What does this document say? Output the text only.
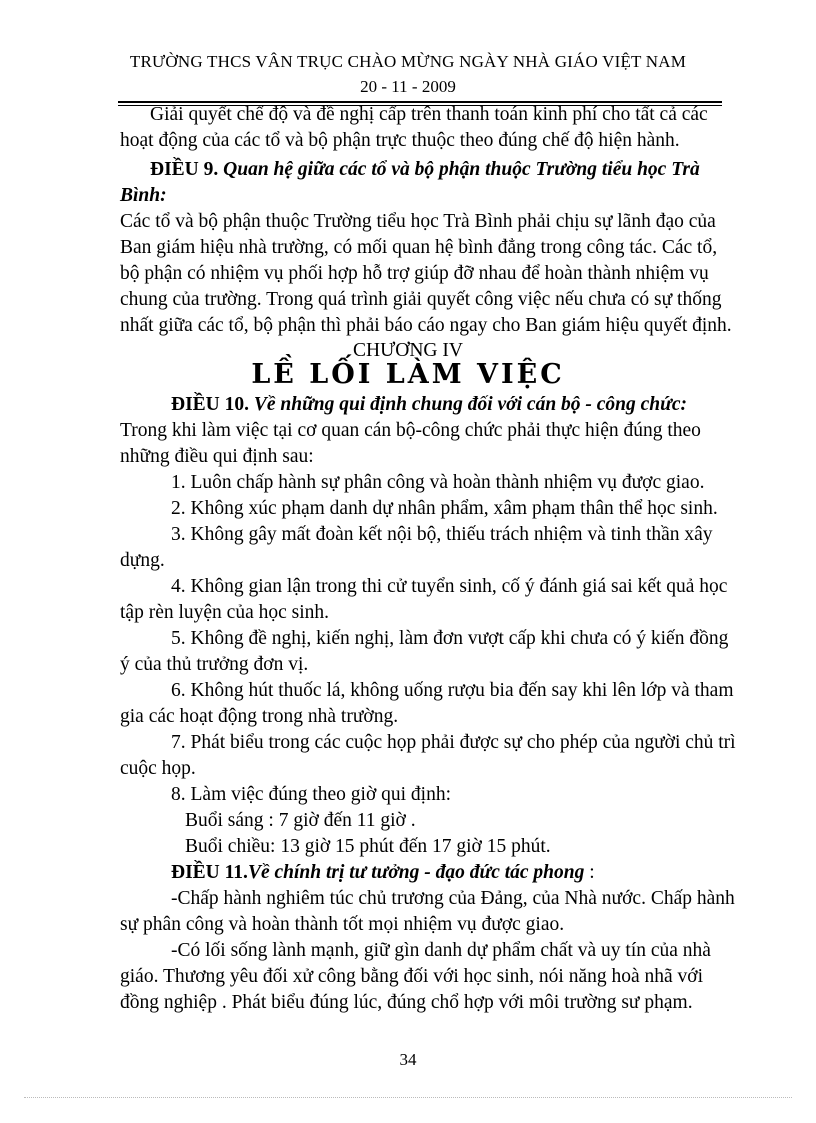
TRƯỜNG THCS VÂN TRỤC CHÀO MỪNG NGÀY NHÀ GIÁO VIỆT NAM
20 - 11 - 2009
Giải quyết chế độ và đề nghị cấp trên thanh toán kinh phí cho tất cả các
hoạt động của các tổ và bộ phận trực thuộc theo đúng chế độ hiện hành.
ĐIỀU 9. Quan hệ giữa các tổ và bộ phận thuộc Trường tiểu học Trà
Bình:
Các tổ và bộ phận thuộc Trường tiểu học Trà Bình phải chịu sự lãnh đạo của
Ban giám hiệu nhà trường, có mối quan hệ bình đẳng trong công tác. Các tổ,
bộ phận có nhiệm vụ phối hợp hỗ trợ giúp đỡ nhau để hoàn thành nhiệm vụ
chung của trường. Trong quá trình giải quyết công việc nếu chưa có sự thống
nhất giữa các tổ, bộ phận thì phải báo cáo ngay cho Ban giám hiệu quyết định.
CHƯƠNG IV
LỀ LỐI LÀM VIỆC
ĐIỀU 10. Về những qui định chung đối với cán bộ - công chức:
Trong khi làm việc tại cơ quan cán bộ-công chức phải thực hiện đúng theo
những điều qui định sau:
1. Luôn chấp hành sự phân công và hoàn thành nhiệm vụ được giao.
2. Không xúc phạm danh dự nhân phẩm, xâm phạm thân thể học sinh.
3. Không gây mất đoàn kết nội bộ, thiếu trách nhiệm và tinh thần xây
dựng.
4. Không gian lận trong thi cử tuyển sinh, cố ý đánh giá sai kết quả học
tập rèn luyện của học sinh.
5. Không đề nghị, kiến nghị, làm đơn vượt cấp khi chưa có ý kiến đồng
ý của thủ trưởng đơn vị.
6. Không hút thuốc lá, không uống rượu bia đến say khi lên lớp và tham
gia các hoạt động trong nhà trường.
7. Phát biểu trong các cuộc họp phải được sự cho phép của người chủ trì
cuộc họp.
8. Làm việc đúng theo giờ qui định:
Buổi sáng : 7 giờ đến 11 giờ .
Buổi chiều: 13 giờ 15 phút đến 17 giờ 15 phút.
ĐIỀU 11.Về chính trị tư tưởng - đạo đức tác phong :
-Chấp hành nghiêm túc chủ trương của Đảng, của Nhà nước. Chấp hành
sự phân công và hoàn thành tốt mọi nhiệm vụ được giao.
-Có lối sống lành mạnh, giữ gìn danh dự phẩm chất và uy tín của nhà
giáo. Thương yêu đối xử công bằng đối với học sinh, nói năng hoà nhã với
đồng nghiệp . Phát biểu đúng lúc, đúng chổ hợp với môi trường sư phạm.
34
